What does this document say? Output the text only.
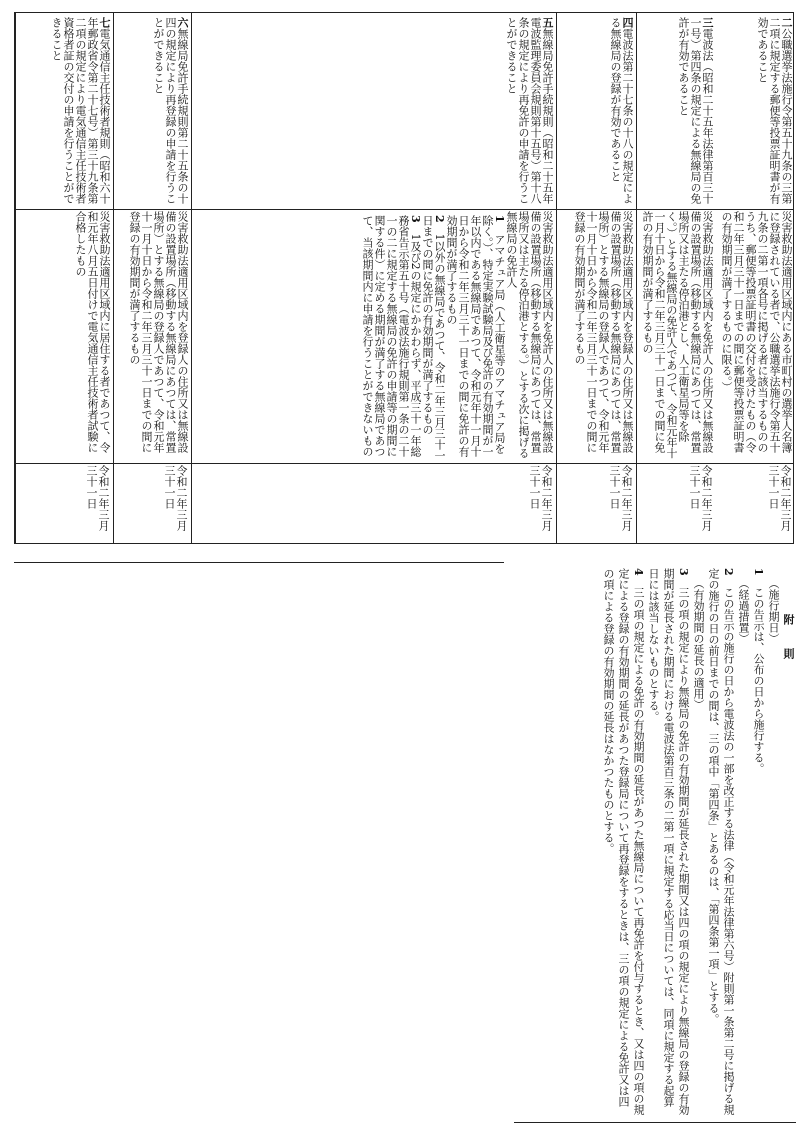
二公職選挙法施行令第五十九条の三第二項に規定する郵便等投票証明書が有効であること
災害救助法適用区域内にある市町村の選挙人名簿に登録されている者で、公職選挙法施行令第五十九条の二第一項各号に掲げる者に該当するもののうち、郵便等投票証明書の交付を受けたもの（令和二年三月三十一日までの間に郵便等投票証明書の有効期間が満了するものに限る。）
令和二年三月三十一日
三電波法（昭和二十五年法律第百三十一号）第四条の規定による無線局の免許が有効であること
災害救助法適用区域内を免許人の住所又は無線設備の設置場所（移動する無線局にあつては、常置場所又は主たる停泊港とし、人工衛星局等を除く。）とする無線局の免許人であつて、令和元年十一月十日から令和二年三月三十一日までの間に免許の有効期間が満了するもの
令和二年三月三十一日
四電波法第二十七条の十八の規定による無線局の登録が有効であること
災害救助法適用区域内を登録人の住所又は無線設備の設置場所（移動する無線局にあつては、常置場所）とする無線局の登録人であつて、令和元年十一月十日から令和二年三月三十一日までの間に登録の有効期間が満了するもの
令和二年三月三十一日
五無線局免許手続規則（昭和二十五年電波監理委員会規則第十五号）第十八条の規定により再免許の申請を行うことができること
災害救助法適用区域内を免許人の住所又は無線設備の設置場所（移動する無線局にあつては、常置場所又は主たる停泊港とする。）とする次に掲げる無線局の免許人
1　アマチュア局（人工衛星等のアマチュア局を除く。）、特定実験試験局及び免許の有効期間が一年以内である無線局であつて、令和元年十一月十日から令和二年三月三十一日までの間に免許の有効期間が満了するもの
2　1以外の無線局であつて、令和二年三月三十一日までの間に免許の有効期間が満了するもの
3　1及び2の規定にかかわらず、平成三十一年総務省告示第五十号（電波法施行規則第一条の二十一の二に規定する無線局の免許の申請等の期間に関する件）に定める期間が満了する無線局であつて、当該期間内に申請を行うことができないもの
令和二年三月三十一日
六無線局免許手続規則第二十五条の十四の規定により再登録の申請を行うことができること
災害救助法適用区域内を登録人の住所又は無線設備の設置場所（移動する無線局にあつては、常置場所）とする無線局の登録人であつて、令和元年十一月十日から令和二年三月三十一日までの間に登録の有効期間が満了するもの
令和二年三月三十一日
七電気通信主任技術者規則（昭和六十年郵政省令第二十七号）第三十九条第二項の規定により電気通信主任技術者資格者証の交付の申請を行うことができること
災害救助法適用区域内に居住する者であつて、令和元年八月五日付けで電気通信主任技術者試験に合格したもの
令和二年三月三十一日

附　則

（施行期日）

1　この告示は、公布の日から施行する。

（経過措置）

2　この告示の施行の日から電波法の一部を改正する法律（令和元年法律第六号）附則第一条第二号に掲げる規定の施行の日の前日までの間は、三の項中「第四条」とあるのは、「第四条第一項」とする。

（有効期間の延長の適用）

3　三の項の規定により無線局の免許の有効期間が延長された期間又は四の項の規定により無線局の登録の有効期間が延長された期間における電波法第百三条の二第一項に規定する応当日については、同項に規定する起算日には該当しないものとする。

4　三の項の規定による免許の有効期間の延長があつた無線局について再免許を付与するとき、又は四の項の規定による登録の有効期間の延長があつた登録局について再登録をするときは、三の項の規定による免許又は四の項による登録の有効期間の延長はなかつたものとする。
